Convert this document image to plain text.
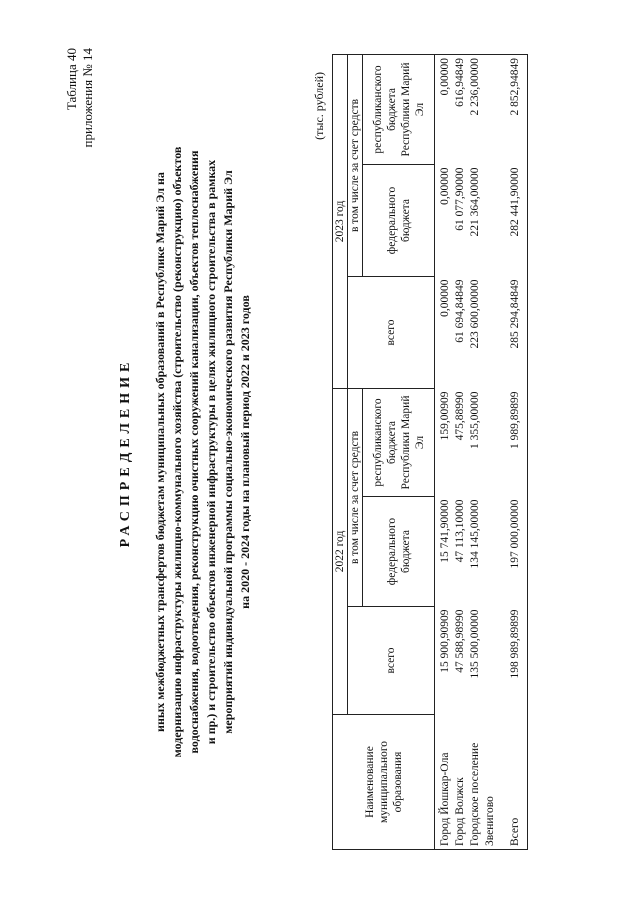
Таблица 40 приложения № 14
РАСПРЕДЕЛЕНИЕ иных межбюджетных трансфертов бюджетам муниципальных образований в Республике Марий Эл на модернизацию инфраструктуры жилищно-коммунального хозяйства (строительство (реконструкцию) объектов водоснабжения, водоотведения, реконструкцию очистных сооружений канализации, объектов теплоснабжения и пр.) и строительство объектов инженерной инфраструктуры в целях жилищного строительства в рамках мероприятий индивидуальной программы социально-экономического развития Республики Марий Эл на 2020 - 2024 годы на плановый период 2022 и 2023 годов
(тыс. рублей)
Наименование муниципального образования	2022 год			2023 год		
	всего	в том числе за счет средств		всего	в том числе за счет средств	
		федерального бюджета	республиканского бюджета Республики Марий Эл		федерального бюджета	республиканского бюджета Республики Марий Эл
Город Йошкар-Ола	15 900,90909	15 741,90000	159,00909	0,00000	0,00000	0,00000
Город Волжск	47 588,98990	47 113,10000	475,88990	61 694,84849	61 077,90000	616,94849
Городское поселение Звенигово	135 500,00000	134 145,00000	1 355,00000	223 600,00000	221 364,00000	2 236,00000

Всего	198 989,89899	197 000,00000	1 989,89899	285 294,84849	282 441,90000	2 852,94849
